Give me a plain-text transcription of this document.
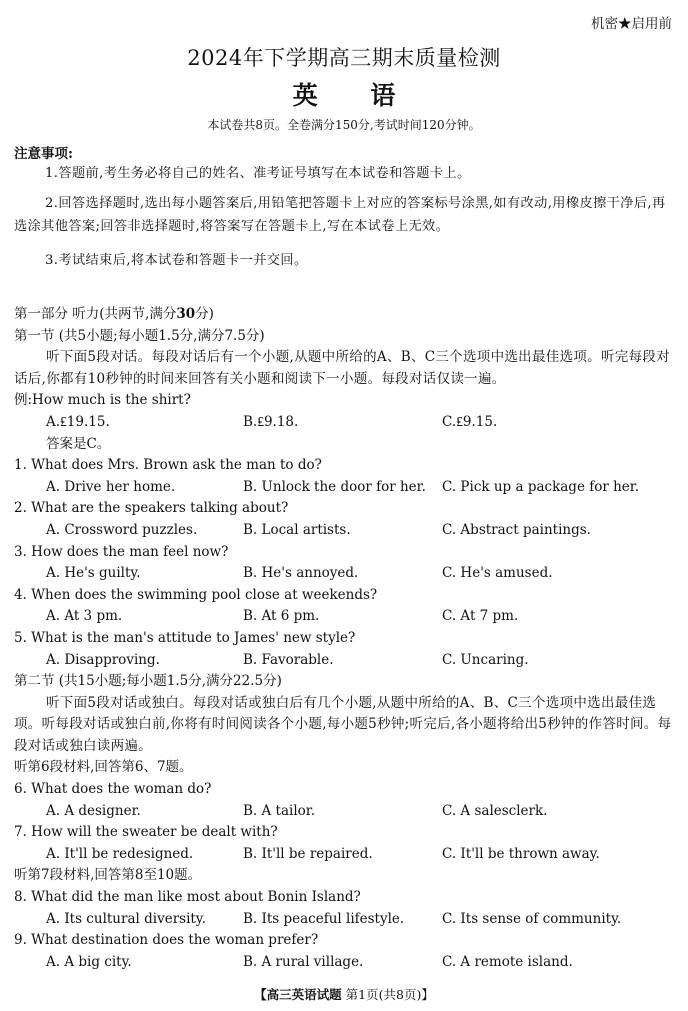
机密★启用前
2024年下学期高三期末质量检测
英 语
本试卷共8页。全卷满分150分,考试时间120分钟。
注意事项:
1.答题前,考生务必将自己的姓名、准考证号填写在本试卷和答题卡上。
2.回答选择题时,选出每小题答案后,用铅笔把答题卡上对应的答案标号涂黑,如有改动,用橡皮擦干净后,再选涂其他答案;回答非选择题时,将答案写在答题卡上,写在本试卷上无效。
3.考试结束后,将本试卷和答题卡一并交回。
第一部分 听力(共两节,满分30分)
第一节 (共5小题;每小题1.5分,满分7.5分)
听下面5段对话。每段对话后有一个小题,从题中所给的A、B、C三个选项中选出最佳选项。听完每段对话后,你都有10秒钟的时间来回答有关小题和阅读下一小题。每段对话仅读一遍。
例:How much is the shirt?
A.₤19.15.	B.₤9.18.	C.₤9.15.
答案是C。
1. What does Mrs. Brown ask the man to do?
A. Drive her home.	B. Unlock the door for her. C. Pick up a package for her.
2. What are the speakers talking about?
A. Crossword puzzles.	B. Local artists.	C. Abstract paintings.
3. How does the man feel now?
A. He's guilty.	B. He's annoyed.	C. He's amused.
4. When does the swimming pool close at weekends?
A. At 3 pm.	B. At 6 pm.	C. At 7 pm.
5. What is the man's attitude to James' new style?
A. Disapproving.	B. Favorable.	C. Uncaring.
第二节 (共15小题;每小题1.5分,满分22.5分)
听下面5段对话或独白。每段对话或独白后有几个小题,从题中所给的A、B、C三个选项中选出最佳选项。听每段对话或独白前,你将有时间阅读各个小题,每小题5秒钟;听完后,各小题将给出5秒钟的作答时间。每段对话或独白读两遍。
听第6段材料,回答第6、7题。
6. What does the woman do?
A. A designer.	B. A tailor.	C. A salesclerk.
7. How will the sweater be dealt with?
A. It'll be redesigned.	B. It'll be repaired.	C. It'll be thrown away.
听第7段材料,回答第8至10题。
8. What did the man like most about Bonin Island?
A. Its cultural diversity.	B. Its peaceful lifestyle.	C. Its sense of community.
9. What destination does the woman prefer?
A. A big city.	B. A rural village.	C. A remote island.
【高三英语试题 第1页(共8页)】
